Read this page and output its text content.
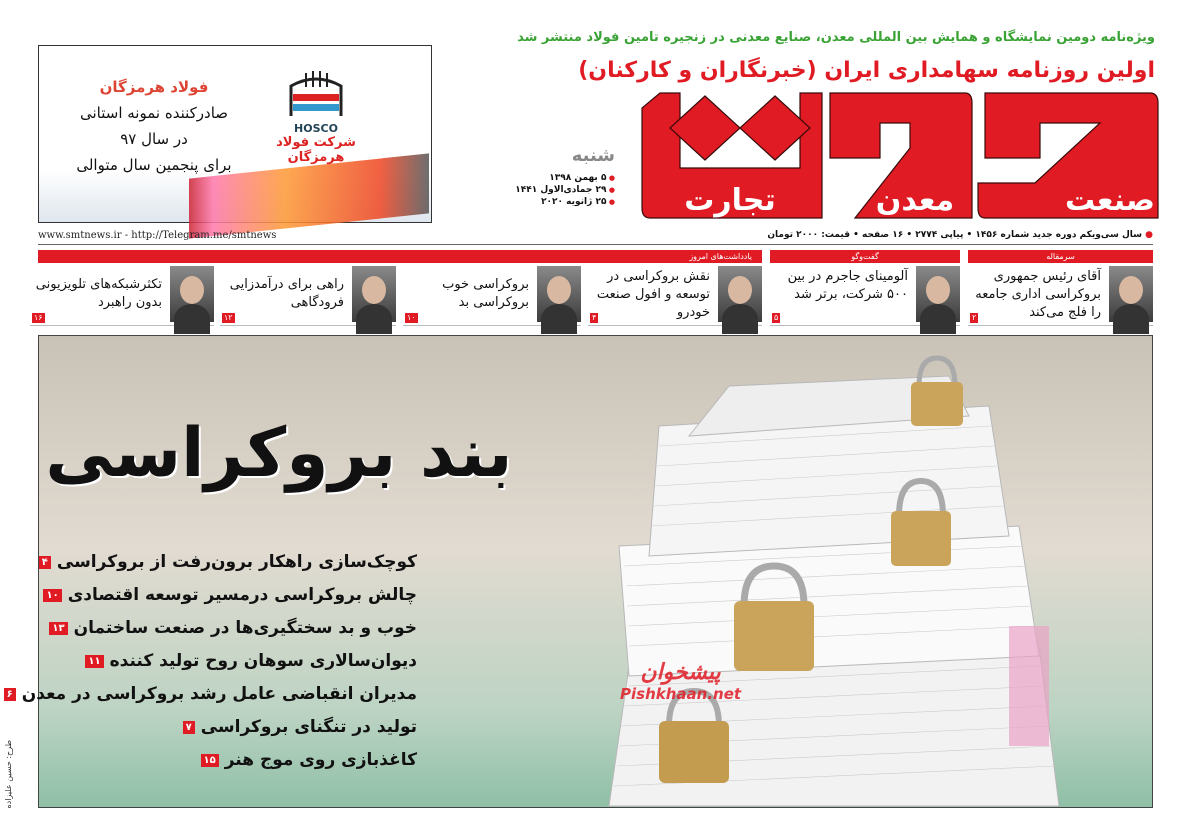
ویژه‌نامه دومین نمایشگاه و همایش بین المللی معدن، صنایع معدنی در زنجیره تامین فولاد منتشر شد
اولین روزنامه سهامداری ایران (خبرنگاران و کارکنان)
صنعت
معدن
تجارت
شنبه
● ۵ بهمن ۱۳۹۸
● ۲۹ جمادی‌الاول ۱۴۴۱
● ۲۵ ژانویه ۲۰۲۰
HOSCO
شرکت فولاد هرمزگان
فولاد هرمزگان
صادرکننده نمونه استانی
در سال ۹۷
برای پنجمین سال متوالی
www.smtnews.ir - http://Telegram.me/smtnews	● سال سی‌ویکم دوره جدید شماره ۱۴۵۶ • پیاپی ۲۷۷۴ • ۱۶ صفحه • قیمت: ۲۰۰۰ تومان
سرمقاله
گفت‌وگو
یادداشت‌های امروز
آقای رئیس جمهوری بروکراسی اداری جامعه را فلج می‌کند
۲
آلومینای جاجرم در بین ۵۰۰ شرکت، برتر شد
۵
نقش بروکراسی در توسعه و افول صنعت خودرو
۴
بروکراسی خوب بروکراسی بد
۱۰
راهی برای درآمدزایی فرودگاهی
۱۲
تکثرشبکه‌های تلویزیونی بدون راهبرد
۱۶
بند بروکراسی
کوچک‌سازی راهکار برون‌رفت از بروکراسی۴
چالش بروکراسی درمسیر توسعه اقتصادی۱۰
خوب و بد سختگیری‌ها در صنعت ساختمان۱۳
دیوان‌سالاری سوهان روح تولید کننده۱۱
مدیران انقباضی عامل رشد بروکراسی در معدن۶
تولید در تنگنای بروکراسی۷
کاغذبازی روی موج هنر۱۵
پیشخوان
Pishkhaan.net
طرح: حسین علیزاده
